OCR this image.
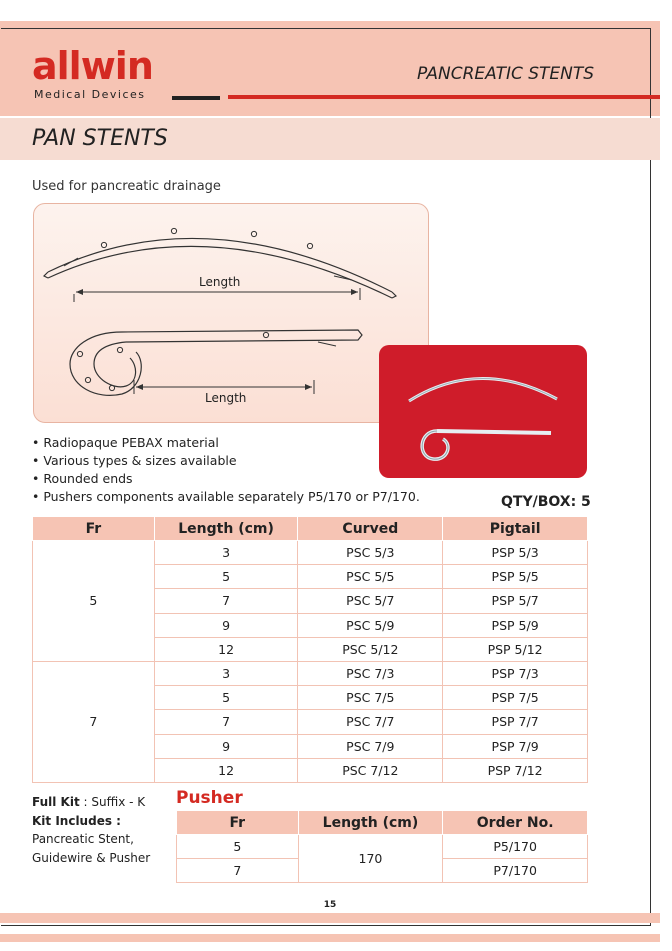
allwin
Medical Devices
PANCREATIC STENTS
PAN STENTS
Used for pancreatic drainage
Length
Length
• Radiopaque PEBAX material
• Various types & sizes available
• Rounded ends
• Pushers components available separately P5/170 or P7/170.	QTY/BOX: 5
Fr	Length (cm)	Curved	Pigtail
5	3	PSC 5/3	PSP 5/3
	5	PSC 5/5	PSP 5/5
	7	PSC 5/7	PSP 5/7
	9	PSC 5/9	PSP 5/9
	12	PSC 5/12	PSP 5/12
7	3	PSC 7/3	PSP 7/3
	5	PSC 7/5	PSP 7/5
	7	PSC 7/7	PSP 7/7
	9	PSC 7/9	PSP 7/9
	12	PSC 7/12	PSP 7/12
Full Kit : Suffix - K
Kit Includes :
Pancreatic Stent,
Guidewire & Pusher
Pusher
Fr	Length (cm)	Order No.
5	170	P5/170
7		P7/170
15
